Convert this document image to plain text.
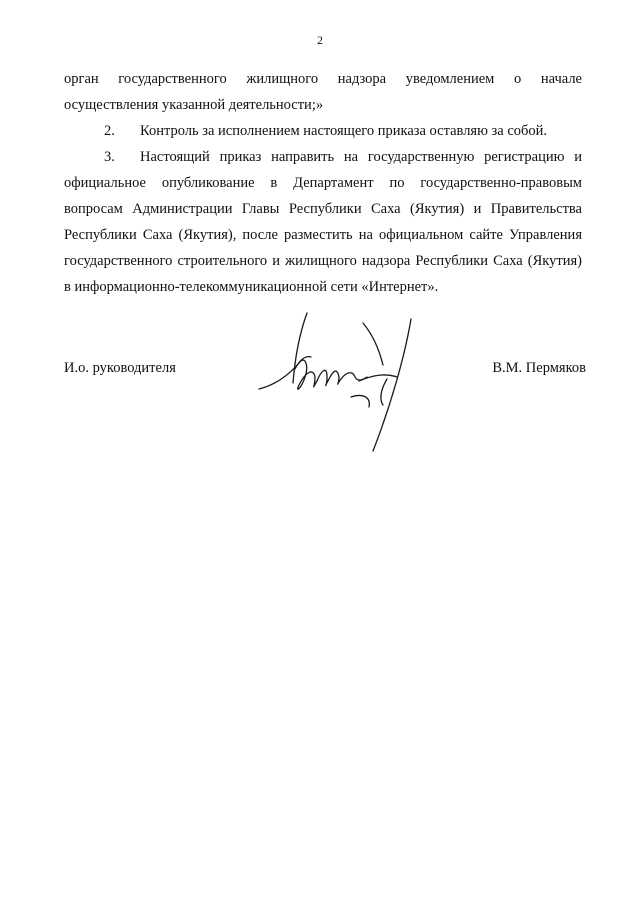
2

орган государственного жилищного надзора уведомлением о начале осуществления указанной деятельности;»

2. Контроль за исполнением настоящего приказа оставляю за собой.

3. Настоящий приказ направить на государственную регистрацию и официальное опубликование в Департамент по государственно-правовым вопросам Администрации Главы Республики Саха (Якутия) и Правительства Республики Саха (Якутия), после разместить на официальном сайте Управления государственного строительного и жилищного надзора Республики Саха (Якутия) в информационно-телекоммуникационной сети «Интернет».

И.о. руководителя	В.М. Пермяков
